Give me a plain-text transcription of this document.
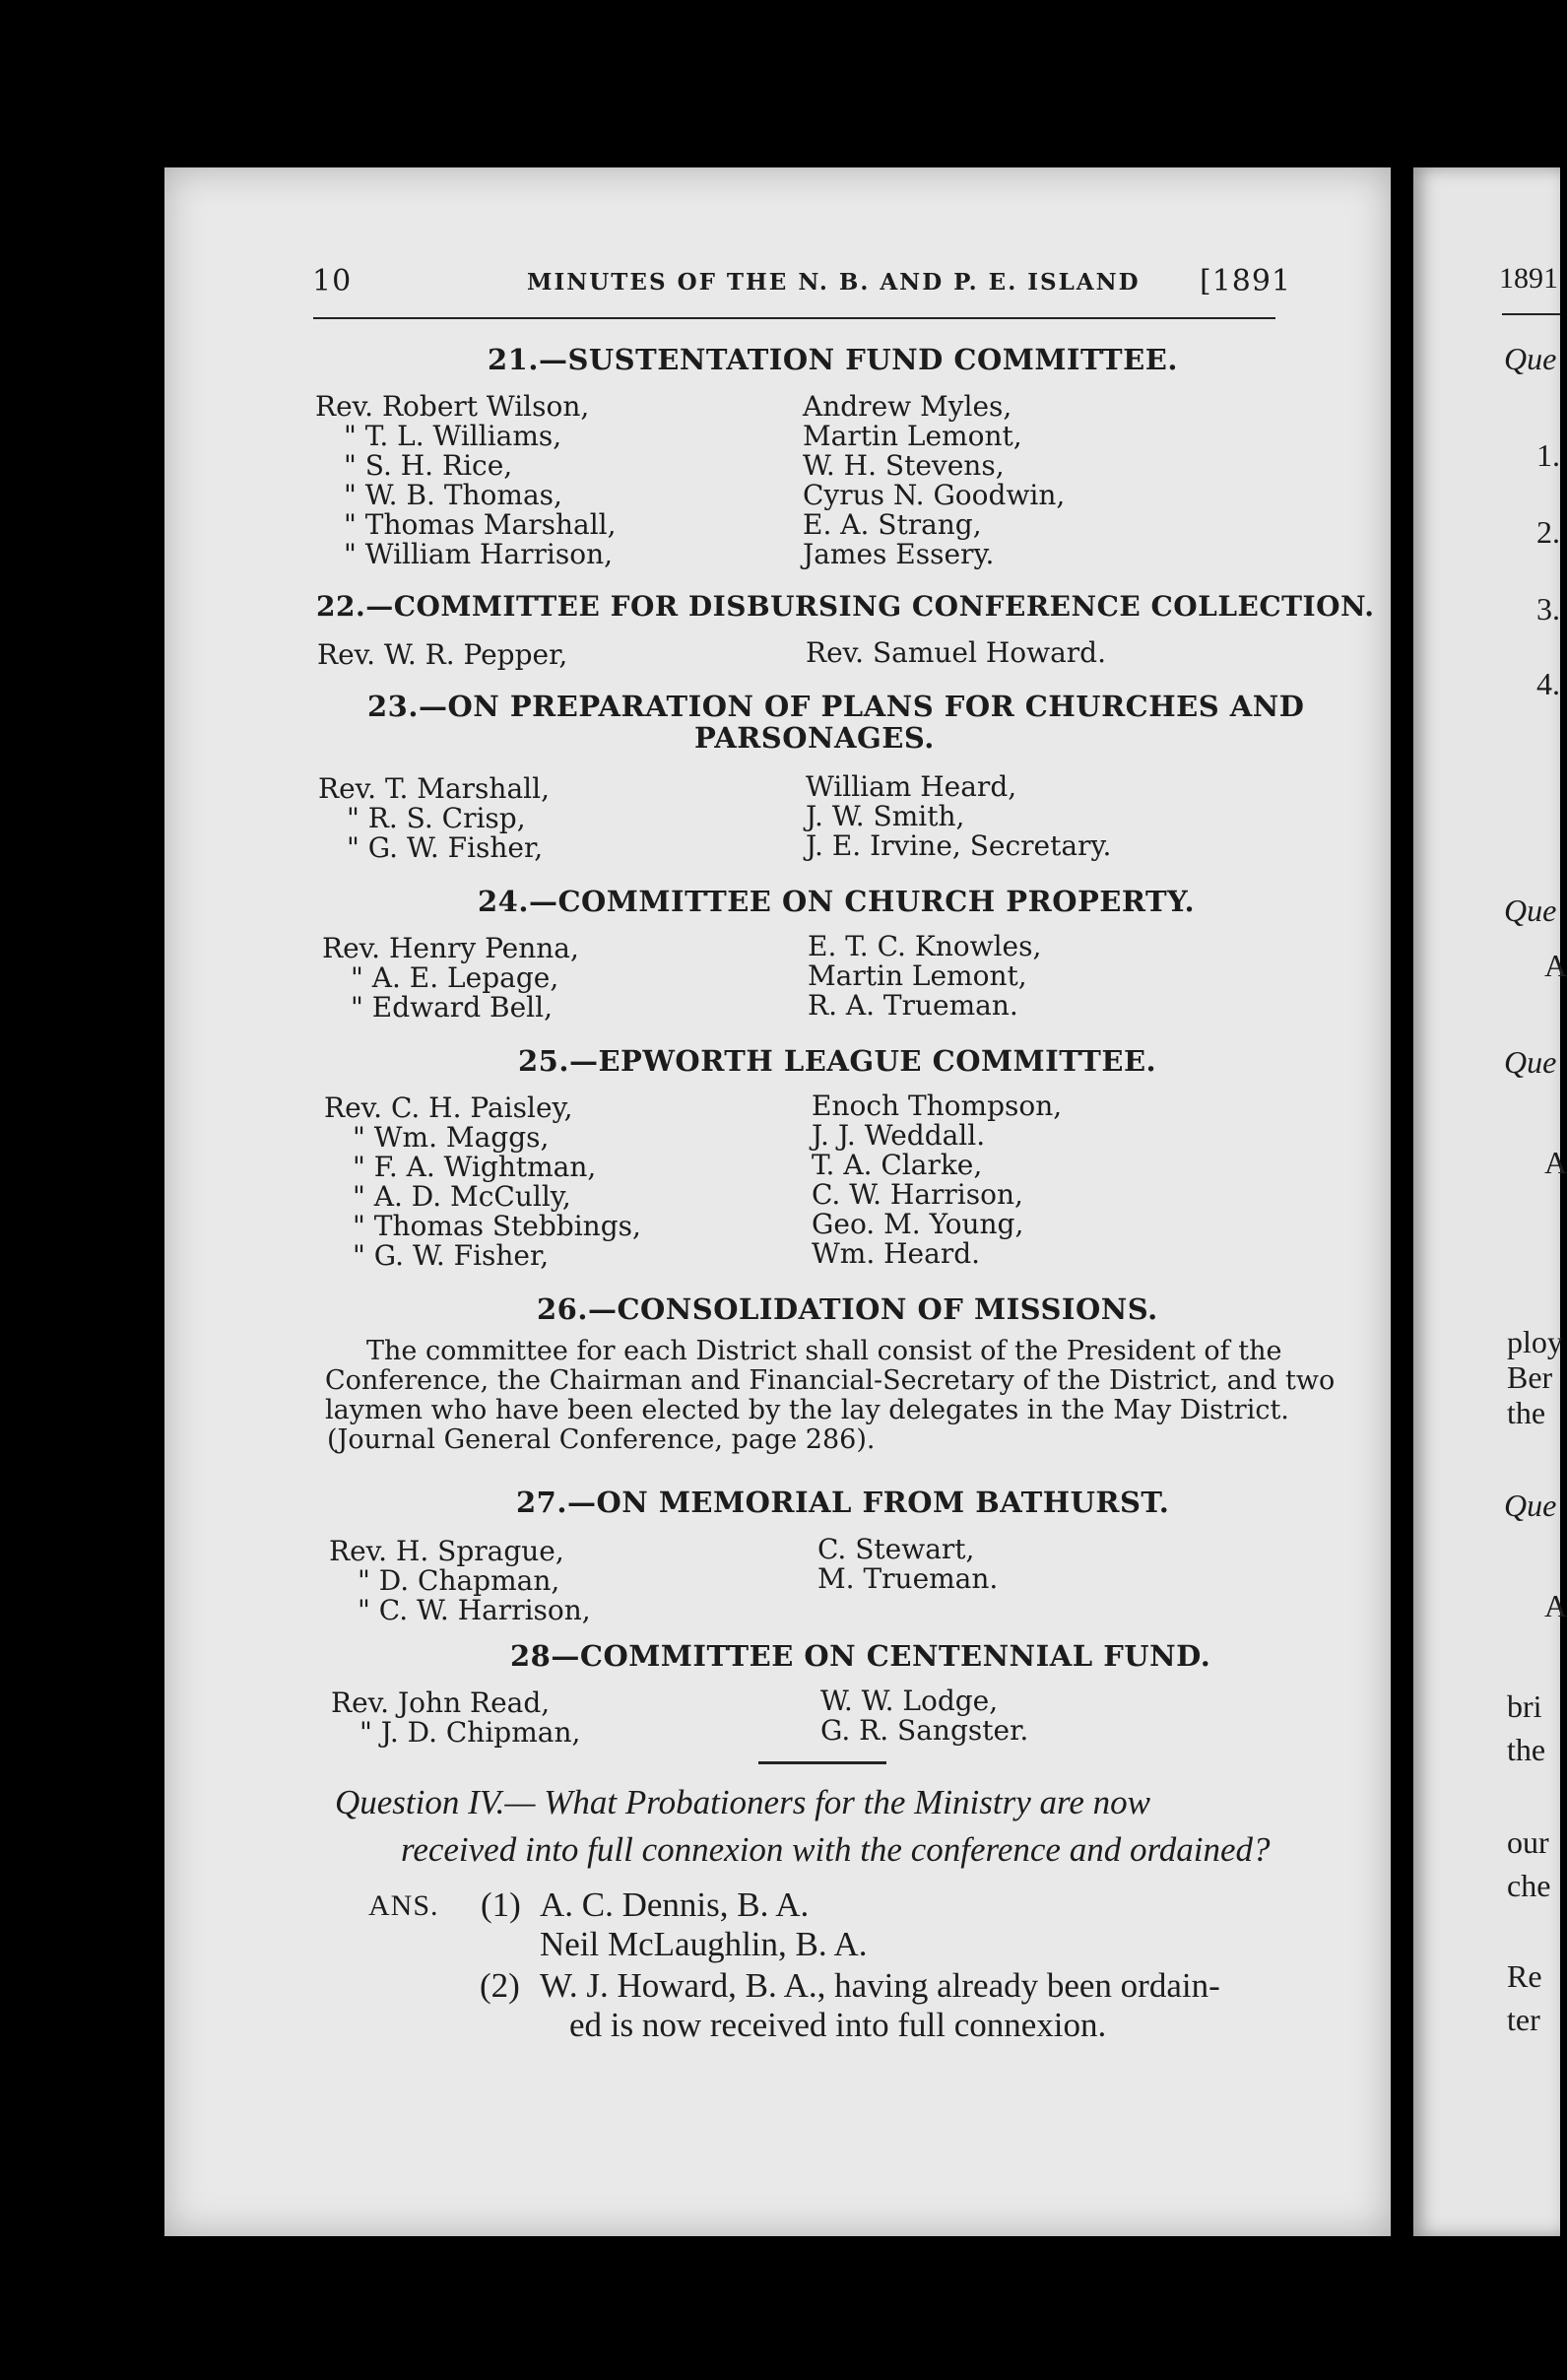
10	MINUTES OF THE N. B. AND P. E. ISLAND [1891
21.—SUSTENTATION FUND COMMITTEE.
Rev. Robert Wilson,
" T. L. Williams,
" S. H. Rice,
" W. B. Thomas,
" Thomas Marshall,
" William Harrison,
Andrew Myles,
Martin Lemont,
W. H. Stevens,
Cyrus N. Goodwin,
E. A. Strang,
James Essery.
22.—COMMITTEE FOR DISBURSING CONFERENCE COLLECTION.
Rev. W. R. Pepper,	Rev. Samuel Howard.
23.—ON PREPARATION OF PLANS FOR CHURCHES AND
PARSONAGES.
Rev. T. Marshall,
" R. S. Crisp,
" G. W. Fisher,
William Heard,
J. W. Smith,
J. E. Irvine, Secretary.
24.—COMMITTEE ON CHURCH PROPERTY.
Rev. Henry Penna,
" A. E. Lepage,
" Edward Bell,
E. T. C. Knowles,
Martin Lemont,
R. A. Trueman.
25.—EPWORTH LEAGUE COMMITTEE.
Rev. C. H. Paisley,
" Wm. Maggs,
" F. A. Wightman,
" A. D. McCully,
" Thomas Stebbings,
" G. W. Fisher,
Enoch Thompson,
J. J. Weddall.
T. A. Clarke,
C. W. Harrison,
Geo. M. Young,
Wm. Heard.
26.—CONSOLIDATION OF MISSIONS.
The committee for each District shall consist of the President of the
Conference, the Chairman and Financial-Secretary of the District, and two
laymen who have been elected by the lay delegates in the May District.
(Journal General Conference, page 286).
27.—ON MEMORIAL FROM BATHURST.
Rev. H. Sprague,
" D. Chapman,
" C. W. Harrison,
C. Stewart,
M. Trueman.
28—COMMITTEE ON CENTENNIAL FUND.
Rev. John Read,
" J. D. Chipman,
W. W. Lodge,
G. R. Sangster.
Question IV.— What Probationers for the Ministry are now
received into full connexion with the conference and ordained?
ANS. (1) A. C. Dennis, B. A.
Neil McLaughlin, B. A.
(2) W. J. Howard, B. A., having already been ordain-
ed is now received into full connexion.
1891
Que
1.
2.
3.
4.
Que
A
Que
A
ploy
Ber
the
Que
A
bri
the
our
che
Re
ter
